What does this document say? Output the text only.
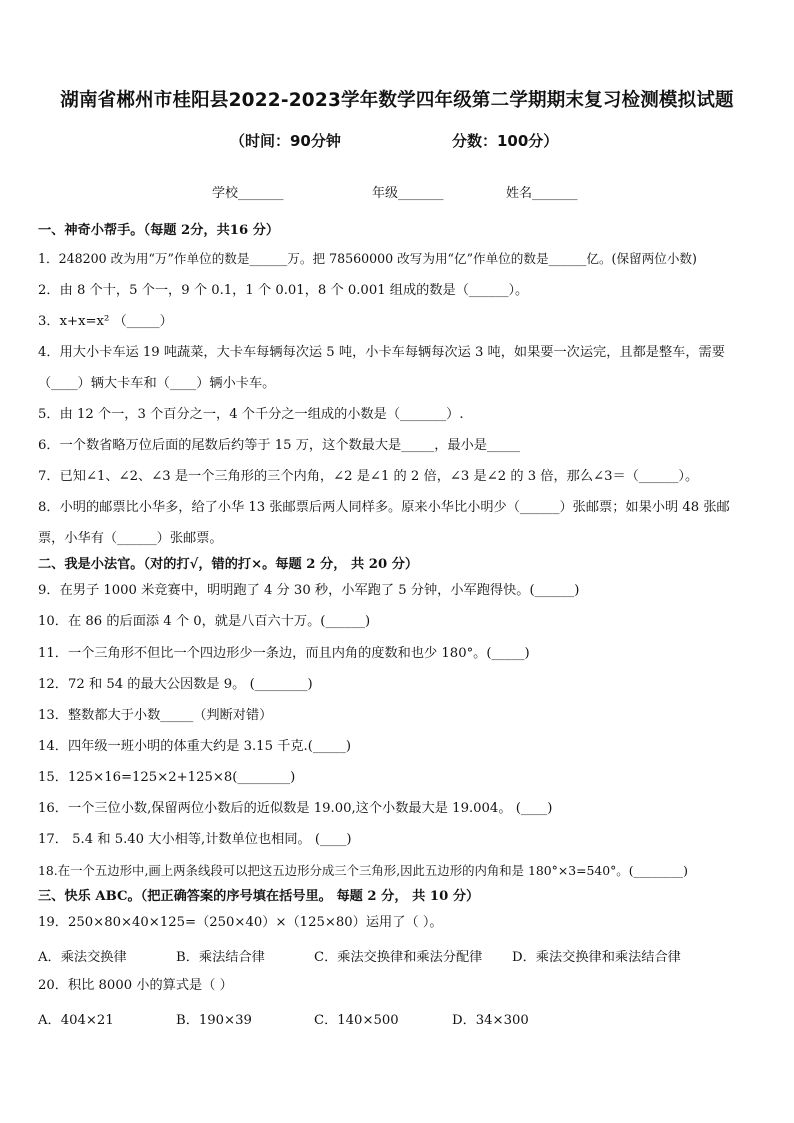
湖南省郴州市桂阳县2022-2023学年数学四年级第二学期期末复习检测模拟试题
（时间：90分钟	分数：100分）
学校_______	年级_______	姓名_______
一、神奇小帮手。（每题 2分，共16 分）
1．248200 改为用“万”作单位的数是______万。把 78560000 改写为用“亿”作单位的数是______亿。(保留两位小数)
2．由 8 个十，5 个一，9 个 0.1，1 个 0.01，8 个 0.001 组成的数是（______）。
3．x+x=x² （_____）
4．用大小卡车运 19 吨蔬菜，大卡车每辆每次运 5 吨，小卡车每辆每次运 3 吨，如果要一次运完，且都是整车，需要
（____）辆大卡车和（____）辆小卡车。
5．由 12 个一，3 个百分之一，4 个千分之一组成的小数是（_______）.
6．一个数省略万位后面的尾数后约等于 15 万，这个数最大是_____，最小是_____
7．已知∠1、∠2、∠3 是一个三角形的三个内角，∠2 是∠1 的 2 倍，∠3 是∠2 的 3 倍，那么∠3＝（______）。
8．小明的邮票比小华多，给了小华 13 张邮票后两人同样多。原来小华比小明少（______）张邮票；如果小明 48 张邮
票，小华有（______）张邮票。
二、我是小法官。（对的打√，错的打×。每题 2 分， 共 20 分）
9．在男子 1000 米竞赛中，明明跑了 4 分 30 秒，小军跑了 5 分钟，小军跑得快。(______)
10．在 86 的后面添 4 个 0，就是八百六十万。(______)
11．一个三角形不但比一个四边形少一条边，而且内角的度数和也少 180°。(_____)
12．72 和 54 的最大公因数是 9。 (________)
13．整数都大于小数_____（判断对错）
14．四年级一班小明的体重大约是 3.15 千克.(_____)
15．125×16=125×2+125×8(________)
16．一个三位小数,保留两位小数后的近似数是 19.00,这个小数最大是 19.004。 (____)
17． 5.4 和 5.40 大小相等,计数单位也相同。 (____)
18.在一个五边形中,画上两条线段可以把这五边形分成三个三角形,因此五边形的内角和是 180°×3=540°。(________)
三、快乐 ABC。（把正确答案的序号填在括号里。 每题 2 分， 共 10 分）
19．250×80×40×125=（250×40）×（125×80）运用了（ ）。
A．乘法交换律	B．乘法结合律	C．乘法交换律和乘法分配律 D．乘法交换律和乘法结合律
20．积比 8000 小的算式是（ ）
A．404×21	B．190×39	C．140×500	D．34×300
